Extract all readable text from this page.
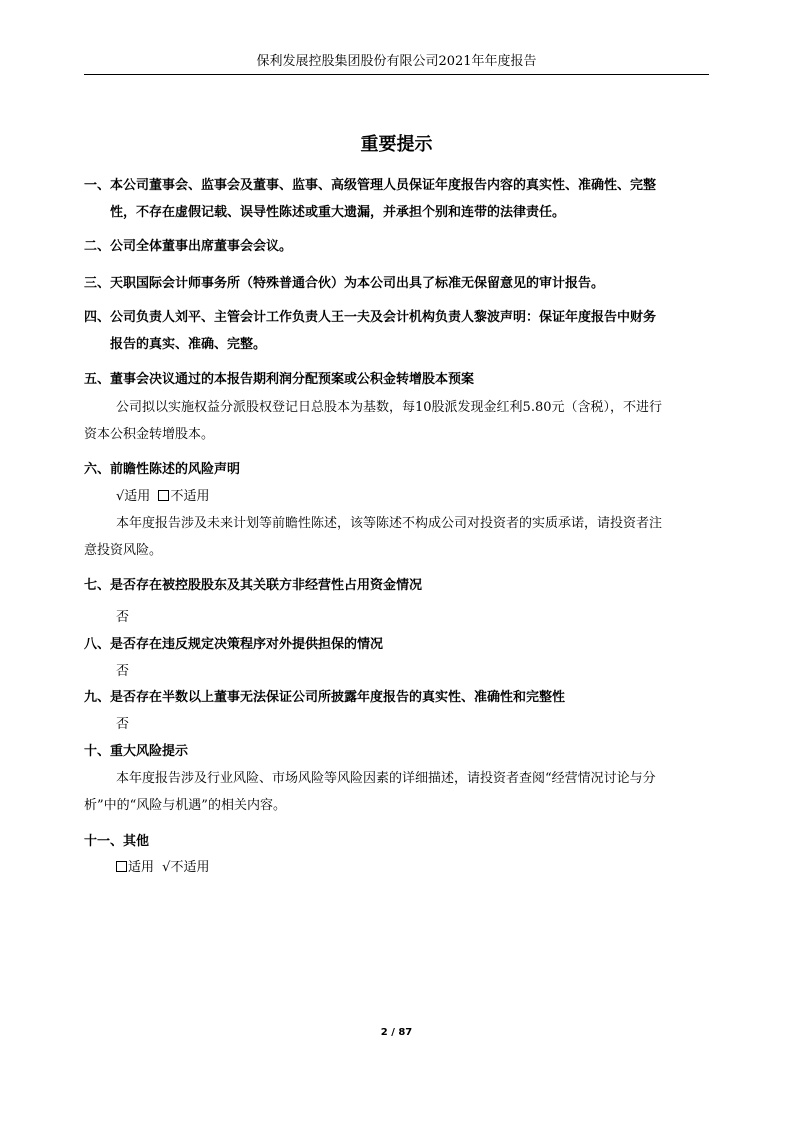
保利发展控股集团股份有限公司2021年年度报告
重要提示
一、本公司董事会、监事会及董事、监事、高级管理人员保证年度报告内容的真实性、准确性、完整
性，不存在虚假记载、误导性陈述或重大遗漏，并承担个别和连带的法律责任。
二、公司全体董事出席董事会会议。
三、天职国际会计师事务所（特殊普通合伙）为本公司出具了标准无保留意见的审计报告。
四、公司负责人刘平、主管会计工作负责人王一夫及会计机构负责人黎波声明：保证年度报告中财务
报告的真实、准确、完整。
五、董事会决议通过的本报告期利润分配预案或公积金转增股本预案
公司拟以实施权益分派股权登记日总股本为基数，每10股派发现金红利5.80元（含税），不进行
资本公积金转增股本。
六、前瞻性陈述的风险声明
√适用 不适用
本年度报告涉及未来计划等前瞻性陈述，该等陈述不构成公司对投资者的实质承诺，请投资者注
意投资风险。
七、是否存在被控股股东及其关联方非经营性占用资金情况
否
八、是否存在违反规定决策程序对外提供担保的情况
否
九、是否存在半数以上董事无法保证公司所披露年度报告的真实性、准确性和完整性
否
十、重大风险提示
本年度报告涉及行业风险、市场风险等风险因素的详细描述，请投资者查阅“经营情况讨论与分
析”中的“风险与机遇”的相关内容。
十一、其他
适用 √不适用
2 / 87
